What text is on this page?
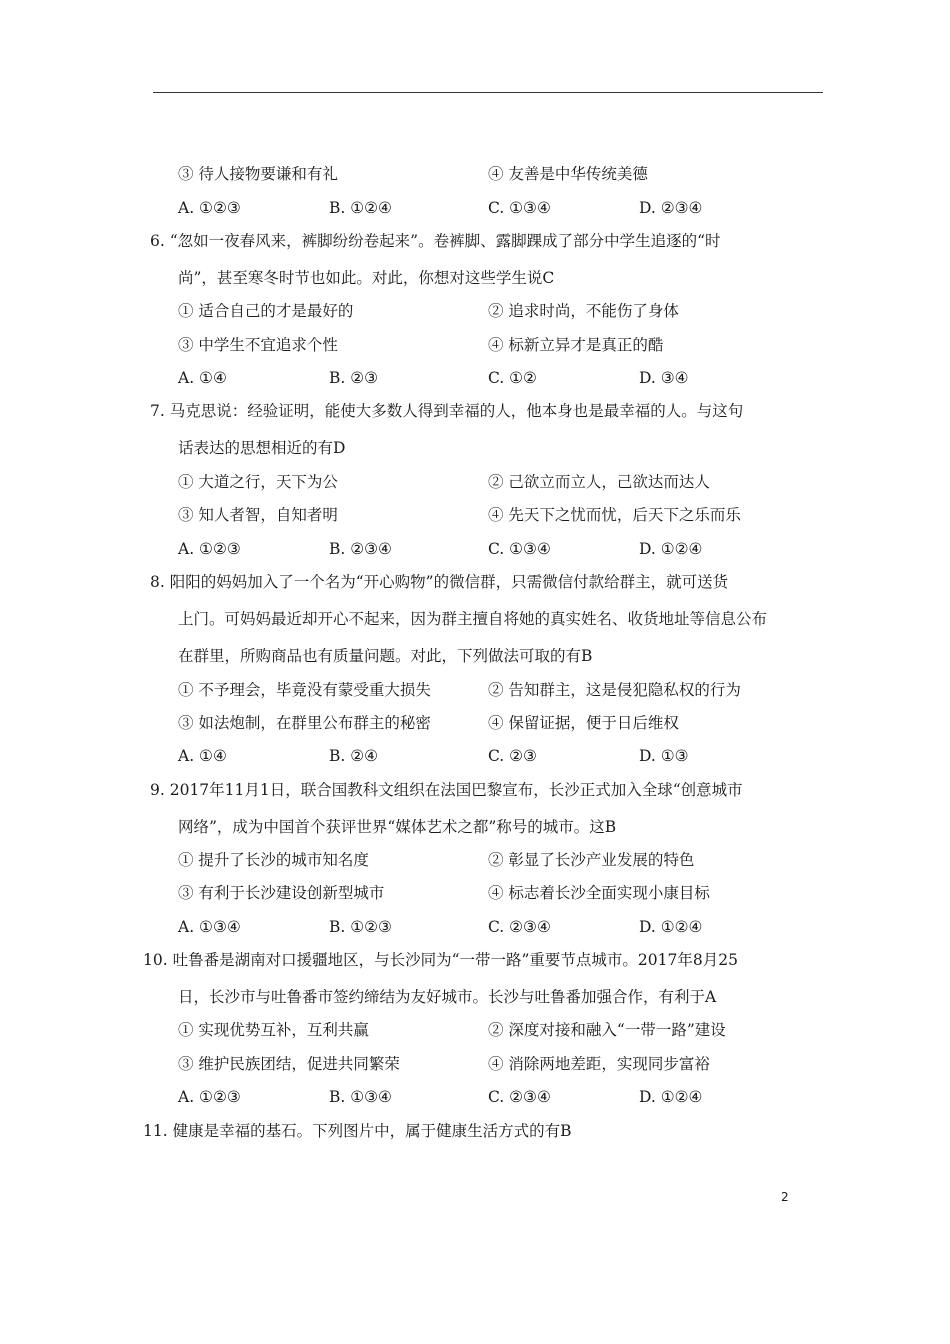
③ 待人接物要谦和有礼	④ 友善是中华传统美德
A. ①②③	B. ①②④	C. ①③④	D. ②③④
6. “忽如一夜春风来，裤脚纷纷卷起来”。卷裤脚、露脚踝成了部分中学生追逐的“时
尚”，甚至寒冬时节也如此。对此，你想对这些学生说C
① 适合自己的才是最好的	② 追求时尚，不能伤了身体
③ 中学生不宜追求个性	④ 标新立异才是真正的酷
A. ①④	B. ②③	C. ①②	D. ③④
7. 马克思说：经验证明，能使大多数人得到幸福的人，他本身也是最幸福的人。与这句
话表达的思想相近的有D
① 大道之行，天下为公	② 己欲立而立人，己欲达而达人
③ 知人者智，自知者明	④ 先天下之忧而忧，后天下之乐而乐
A. ①②③	B. ②③④	C. ①③④	D. ①②④
8. 阳阳的妈妈加入了一个名为“开心购物”的微信群，只需微信付款给群主，就可送货
上门。可妈妈最近却开心不起来，因为群主擅自将她的真实姓名、收货地址等信息公布
在群里，所购商品也有质量问题。对此，下列做法可取的有B
① 不予理会，毕竟没有蒙受重大损失	② 告知群主，这是侵犯隐私权的行为
③ 如法炮制，在群里公布群主的秘密	④ 保留证据，便于日后维权
A. ①④	B. ②④	C. ②③	D. ①③
9. 2017年11月1日，联合国教科文组织在法国巴黎宣布，长沙正式加入全球“创意城市
网络”，成为中国首个获评世界“媒体艺术之都”称号的城市。这B
① 提升了长沙的城市知名度	② 彰显了长沙产业发展的特色
③ 有利于长沙建设创新型城市	④ 标志着长沙全面实现小康目标
A. ①③④	B. ①②③	C. ②③④	D. ①②④
10. 吐鲁番是湖南对口援疆地区，与长沙同为“一带一路”重要节点城市。2017年8月25
日，长沙市与吐鲁番市签约缔结为友好城市。长沙与吐鲁番加强合作，有利于A
① 实现优势互补，互利共赢	② 深度对接和融入“一带一路”建设
③ 维护民族团结，促进共同繁荣	④ 消除两地差距，实现同步富裕
A. ①②③	B. ①③④	C. ②③④	D. ①②④
11. 健康是幸福的基石。下列图片中，属于健康生活方式的有B
2
